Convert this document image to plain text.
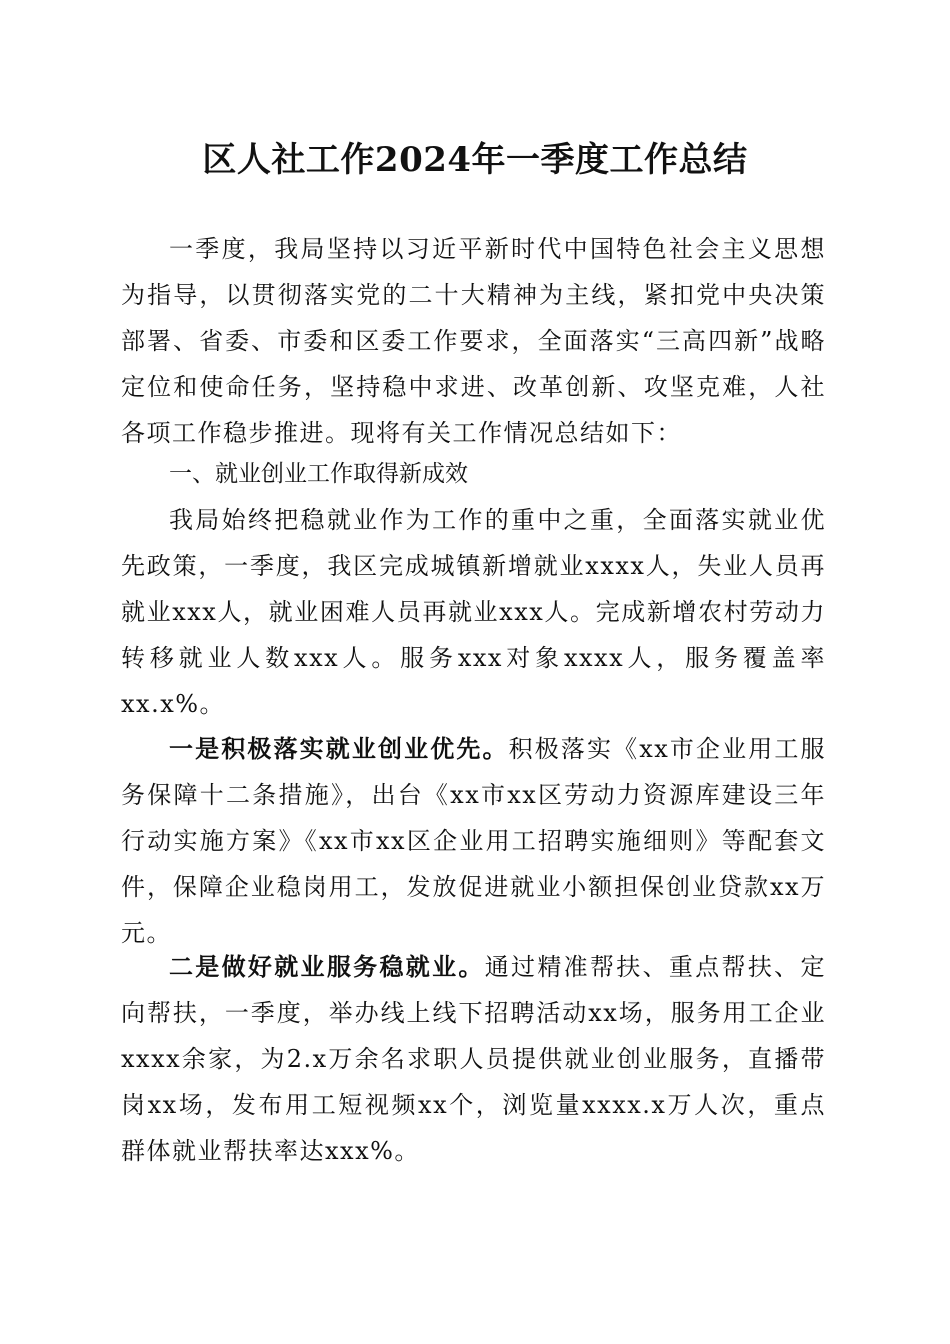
区人社工作2024年一季度工作总结

一季度，我局坚持以习近平新时代中国特色社会主义思想为指导，以贯彻落实党的二十大精神为主线，紧扣党中央决策部署、省委、市委和区委工作要求，全面落实“三高四新”战略定位和使命任务，坚持稳中求进、改革创新、攻坚克难，人社各项工作稳步推进。现将有关工作情况总结如下：

一、就业创业工作取得新成效

我局始终把稳就业作为工作的重中之重，全面落实就业优先政策，一季度，我区完成城镇新增就业xxxx人，失业人员再就业xxx人，就业困难人员再就业xxx人。完成新增农村劳动力转移就业人数xxx人。服务xxx对象xxxx人，服务覆盖率xx.x%。

一是积极落实就业创业优先。积极落实《xx市企业用工服务保障十二条措施》，出台《xx市xx区劳动力资源库建设三年行动实施方案》《xx市xx区企业用工招聘实施细则》等配套文件，保障企业稳岗用工，发放促进就业小额担保创业贷款xx万元。

二是做好就业服务稳就业。通过精准帮扶、重点帮扶、定向帮扶，一季度，举办线上线下招聘活动xx场，服务用工企业xxxx余家，为2.x万余名求职人员提供就业创业服务，直播带岗xx场，发布用工短视频xx个，浏览量xxxx.x万人次，重点群体就业帮扶率达xxx%。
